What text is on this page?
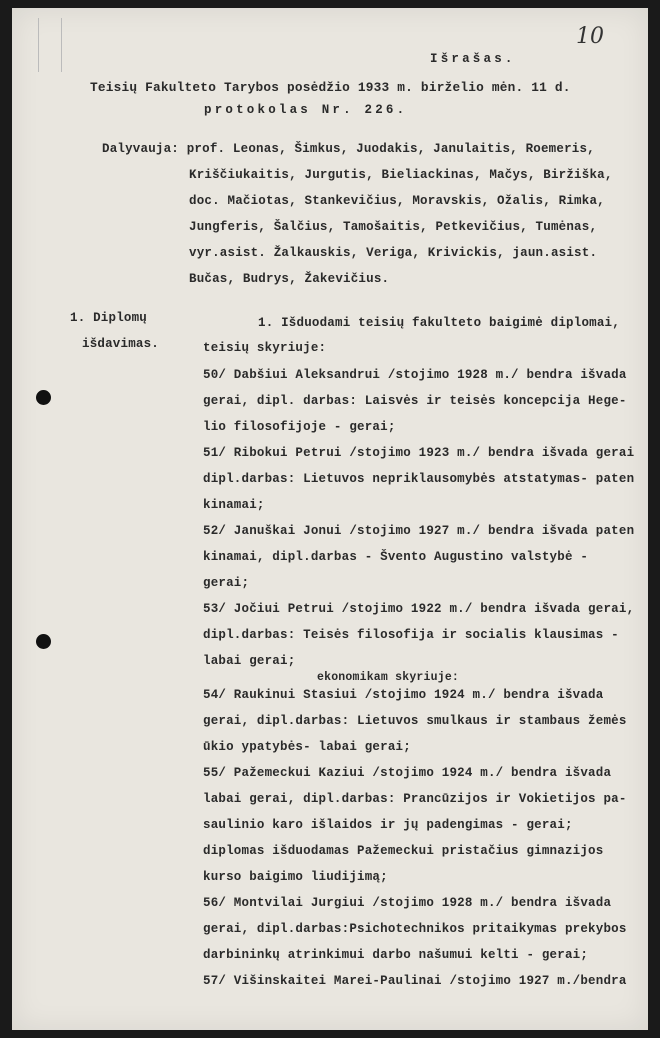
10
Išrašas.
Teisių Fakulteto Tarybos posėdžio 1933 m. birželio mėn. 11 d.
protokolas Nr. 226.
Dalyvauja: prof. Leonas, Šimkus, Juodakis, Janulaitis, Roemeris,
Kriščiukaitis, Jurgutis, Bieliackinas, Mačys, Biržiška,
doc. Mačiotas, Stankevičius, Moravskis, Ožalis, Rimka,
Jungferis, Šalčius, Tamošaitis, Petkevičius, Tumėnas,
vyr.asist. Žalkauskis, Veriga, Krivickis, jaun.asist.
Bučas, Budrys, Žakevičius.
1. Diplomų
išdavimas.
1. Išduodami teisių fakulteto baigimė diplomai,
teisių skyriuje:
50/ Dabšiui Aleksandrui /stojimo 1928 m./ bendra išvada
gerai, dipl. darbas: Laisvės ir teisės koncepcija Hege-
lio filosofijoje - gerai;
51/ Ribokui Petrui /stojimo 1923 m./ bendra išvada gerai
dipl.darbas: Lietuvos nepriklausomybės atstatymas- paten
kinamai;
52/ Januškai Jonui /stojimo 1927 m./ bendra išvada paten
kinamai, dipl.darbas - Švento Augustino valstybė -
gerai;
53/ Jočiui Petrui /stojimo 1922 m./ bendra išvada gerai,
dipl.darbas: Teisės filosofija ir socialis klausimas -
labai gerai;
ekonomikam skyriuje:
54/ Raukinui Stasiui /stojimo 1924 m./ bendra išvada
gerai, dipl.darbas: Lietuvos smulkaus ir stambaus žemės
ūkio ypatybės- labai gerai;
55/ Pažemeckui Kaziui /stojimo 1924 m./ bendra išvada
labai gerai, dipl.darbas: Prancūzijos ir Vokietijos pa-
saulinio karo išlaidos ir jų padengimas - gerai;
diplomas išduodamas Pažemeckui pristačius gimnazijos
kurso baigimo liudijimą;
56/ Montvilai Jurgiui /stojimo 1928 m./ bendra išvada
gerai, dipl.darbas:Psichotechnikos pritaikymas prekybos
darbininkų atrinkimui darbo našumui kelti - gerai;
57/ Višinskaitei Marei-Paulinai /stojimo 1927 m./bendra
